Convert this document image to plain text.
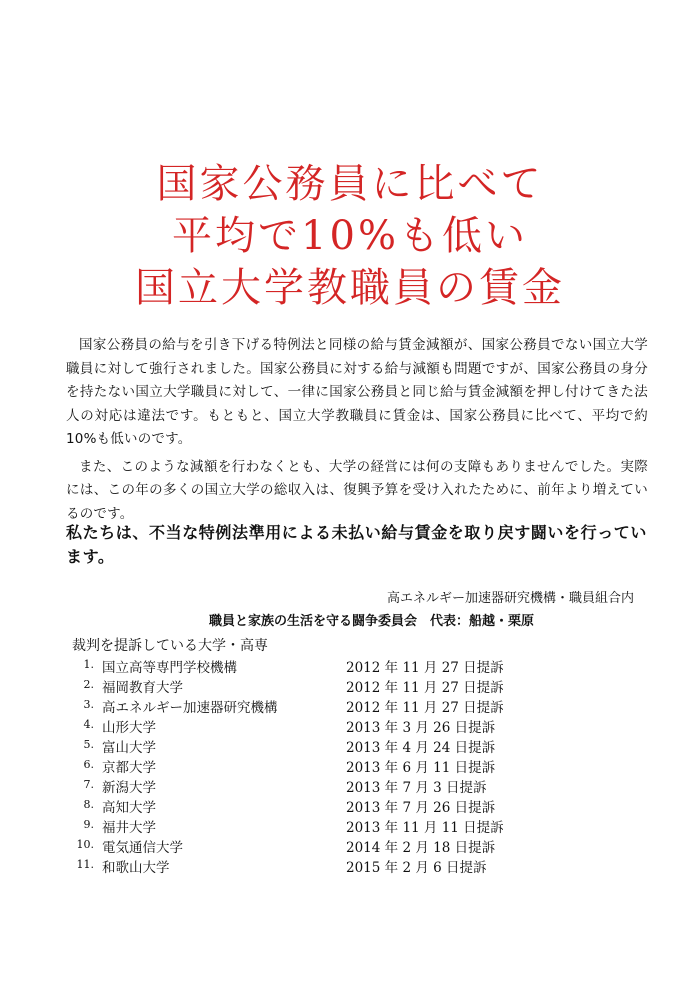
国家公務員に比べて
平均で10%も低い
国立大学教職員の賃金

国家公務員の給与を引き下げる特例法と同様の給与賃金減額が、国家公務員でない国立大学職員に対して強行されました。国家公務員に対する給与減額も問題ですが、国家公務員の身分を持たない国立大学職員に対して、一律に国家公務員と同じ給与賃金減額を押し付けてきた法人の対応は違法です。もともと、国立大学教職員に賃金は、国家公務員に比べて、平均で約10%も低いのです。

また、このような減額を行わなくとも、大学の経営には何の支障もありませんでした。実際には、この年の多くの国立大学の総収入は、復興予算を受け入れたために、前年より増えているのです。

私たちは、不当な特例法準用による未払い給与賃金を取り戻す闘いを行っています。
高エネルギー加速器研究機構・職員組合内
職員と家族の生活を守る闘争委員会　代表：船越・栗原
裁判を提訴している大学・高専
1. 国立高等専門学校機構	2012 年 11 月 27 日提訴
2. 福岡教育大学	2012 年 11 月 27 日提訴
3. 高エネルギー加速器研究機構	2012 年 11 月 27 日提訴
4. 山形大学	2013 年 3 月 26 日提訴
5. 富山大学	2013 年 4 月 24 日提訴
6. 京都大学	2013 年 6 月 11 日提訴
7. 新潟大学	2013 年 7 月 3 日提訴
8. 高知大学	2013 年 7 月 26 日提訴
9. 福井大学	2013 年 11 月 11 日提訴
10. 電気通信大学	2014 年 2 月 18 日提訴
11. 和歌山大学	2015 年 2 月 6 日提訴
